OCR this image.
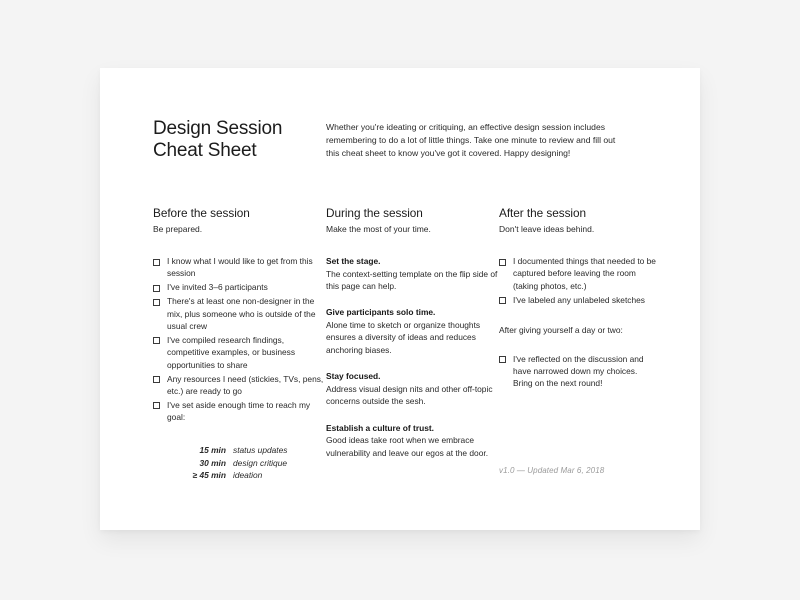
Design Session
Cheat Sheet
Whether you're ideating or critiquing, an effective design session includes remembering to do a lot of little things. Take one minute to review and fill out this cheat sheet to know you've got it covered. Happy designing!
Before the session
Be prepared.
I know what I would like to get from this session
I've invited 3–6 participants
There's at least one non-designer in the mix, plus someone who is outside of the usual crew
I've compiled research findings, competitive examples, or business opportunities to share
Any resources I need (stickies, TVs, pens, etc.) are ready to go
I've set aside enough time to reach my goal:
15 min status updates
30 min design critique
≥ 45 min ideation
During the session
Make the most of your time.
Set the stage.
The context-setting template on the flip side of this page can help.
Give participants solo time.
Alone time to sketch or organize thoughts ensures a diversity of ideas and reduces anchoring biases.
Stay focused.
Address visual design nits and other off-topic concerns outside the sesh.
Establish a culture of trust.
Good ideas take root when we embrace vulnerability and leave our egos at the door.
After the session
Don't leave ideas behind.
I documented things that needed to be captured before leaving the room (taking photos, etc.)
I've labeled any unlabeled sketches
After giving yourself a day or two:
I've reflected on the discussion and have narrowed down my choices. Bring on the next round!
v1.0 — Updated Mar 6, 2018
